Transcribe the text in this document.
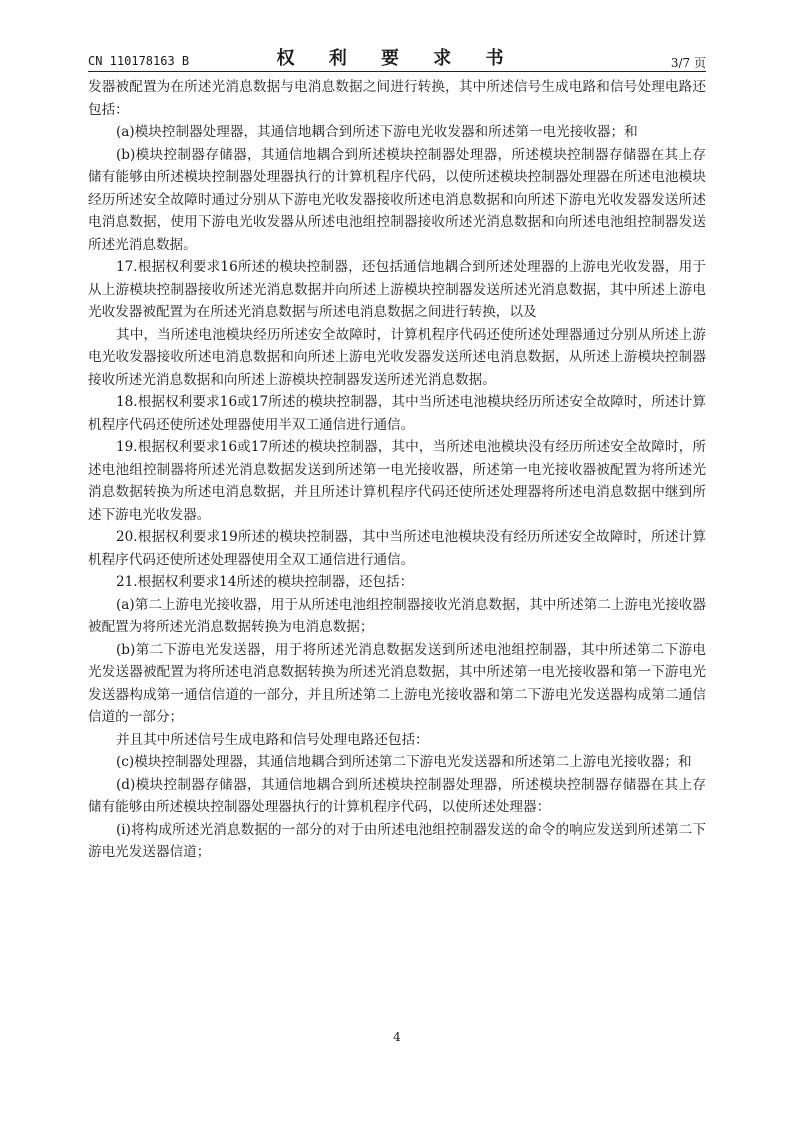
CN 110178163 B	权 利 要 求 书	3/7 页

发器被配置为在所述光消息数据与电消息数据之间进行转换，其中所述信号生成电路和信号处理电路还包括：

(a)模块控制器处理器，其通信地耦合到所述下游电光收发器和所述第一电光接收器；和

(b)模块控制器存储器，其通信地耦合到所述模块控制器处理器，所述模块控制器存储器在其上存储有能够由所述模块控制器处理器执行的计算机程序代码，以使所述模块控制器处理器在所述电池模块经历所述安全故障时通过分别从下游电光收发器接收所述电消息数据和向所述下游电光收发器发送所述电消息数据，使用下游电光收发器从所述电池组控制器接收所述光消息数据和向所述电池组控制器发送所述光消息数据。

17.根据权利要求16所述的模块控制器，还包括通信地耦合到所述处理器的上游电光收发器，用于从上游模块控制器接收所述光消息数据并向所述上游模块控制器发送所述光消息数据，其中所述上游电光收发器被配置为在所述光消息数据与所述电消息数据之间进行转换，以及

其中，当所述电池模块经历所述安全故障时，计算机程序代码还使所述处理器通过分别从所述上游电光收发器接收所述电消息数据和向所述上游电光收发器发送所述电消息数据，从所述上游模块控制器接收所述光消息数据和向所述上游模块控制器发送所述光消息数据。

18.根据权利要求16或17所述的模块控制器，其中当所述电池模块经历所述安全故障时，所述计算机程序代码还使所述处理器使用半双工通信进行通信。

19.根据权利要求16或17所述的模块控制器，其中，当所述电池模块没有经历所述安全故障时，所述电池组控制器将所述光消息数据发送到所述第一电光接收器，所述第一电光接收器被配置为将所述光消息数据转换为所述电消息数据，并且所述计算机程序代码还使所述处理器将所述电消息数据中继到所述下游电光收发器。

20.根据权利要求19所述的模块控制器，其中当所述电池模块没有经历所述安全故障时，所述计算机程序代码还使所述处理器使用全双工通信进行通信。

21.根据权利要求14所述的模块控制器，还包括：

(a)第二上游电光接收器，用于从所述电池组控制器接收光消息数据，其中所述第二上游电光接收器被配置为将所述光消息数据转换为电消息数据；

(b)第二下游电光发送器，用于将所述光消息数据发送到所述电池组控制器，其中所述第二下游电光发送器被配置为将所述电消息数据转换为所述光消息数据，其中所述第一电光接收器和第一下游电光发送器构成第一通信信道的一部分，并且所述第二上游电光接收器和第二下游电光发送器构成第二通信信道的一部分；

并且其中所述信号生成电路和信号处理电路还包括：

(c)模块控制器处理器，其通信地耦合到所述第二下游电光发送器和所述第二上游电光接收器；和

(d)模块控制器存储器，其通信地耦合到所述模块控制器处理器，所述模块控制器存储器在其上存储有能够由所述模块控制器处理器执行的计算机程序代码，以使所述处理器：

(i)将构成所述光消息数据的一部分的对于由所述电池组控制器发送的命令的响应发送到所述第二下游电光发送器信道；

4
